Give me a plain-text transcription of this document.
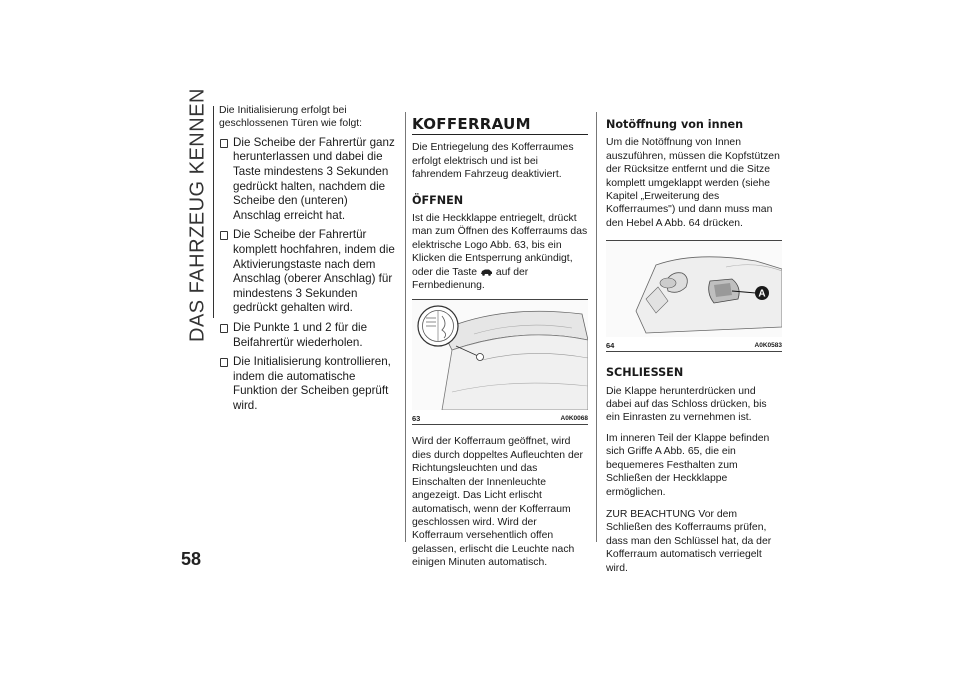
DAS FAHRZEUG KENNEN
58
Die Initialisierung erfolgt bei geschlossenen Türen wie folgt:
Die Scheibe der Fahrertür ganz herunterlassen und dabei die Taste mindestens 3 Sekunden gedrückt halten, nachdem die Scheibe den (unteren) Anschlag erreicht hat.
Die Scheibe der Fahrertür komplett hochfahren, indem die Aktivierungstaste nach dem Anschlag (oberer Anschlag) für mindestens 3 Sekunden gedrückt gehalten wird.
Die Punkte 1 und 2 für die Beifahrertür wiederholen.
Die Initialisierung kontrollieren, indem die automatische Funktion der Scheiben geprüft wird.
KOFFERRAUM

Die Entriegelung des Kofferraumes erfolgt elektrisch und ist bei fahrendem Fahrzeug deaktiviert.

ÖFFNEN

Ist die Heckklappe entriegelt, drückt man zum Öffnen des Kofferraums das elektrische Logo Abb. 63, bis ein Klicken die Entsperrung ankündigt, oder die Taste auf der Fernbedienung.

63	A0K0068

Wird der Kofferraum geöffnet, wird dies durch doppeltes Aufleuchten der Richtungsleuchten und das Einschalten der Innenleuchte angezeigt. Das Licht erlischt automatisch, wenn der Kofferraum geschlossen wird. Wird der Kofferraum versehentlich offen gelassen, erlischt die Leuchte nach einigen Minuten automatisch.

Notöffnung von innen

Um die Notöffnung von Innen auszuführen, müssen die Kopfstützen der Rücksitze entfernt und die Sitze komplett umgeklappt werden (siehe Kapitel „Erweiterung des Kofferraumes") und dann muss man den Hebel A Abb. 64 drücken.

A
64	A0K0583
SCHLIESSEN

Die Klappe herunterdrücken und dabei auf das Schloss drücken, bis ein Einrasten zu vernehmen ist.

Im inneren Teil der Klappe befinden sich Griffe A Abb. 65, die ein bequemeres Festhalten zum Schließen der Heckklappe ermöglichen.

ZUR BEACHTUNG Vor dem Schließen des Kofferraums prüfen, dass man den Schlüssel hat, da der Kofferraum automatisch verriegelt wird.
